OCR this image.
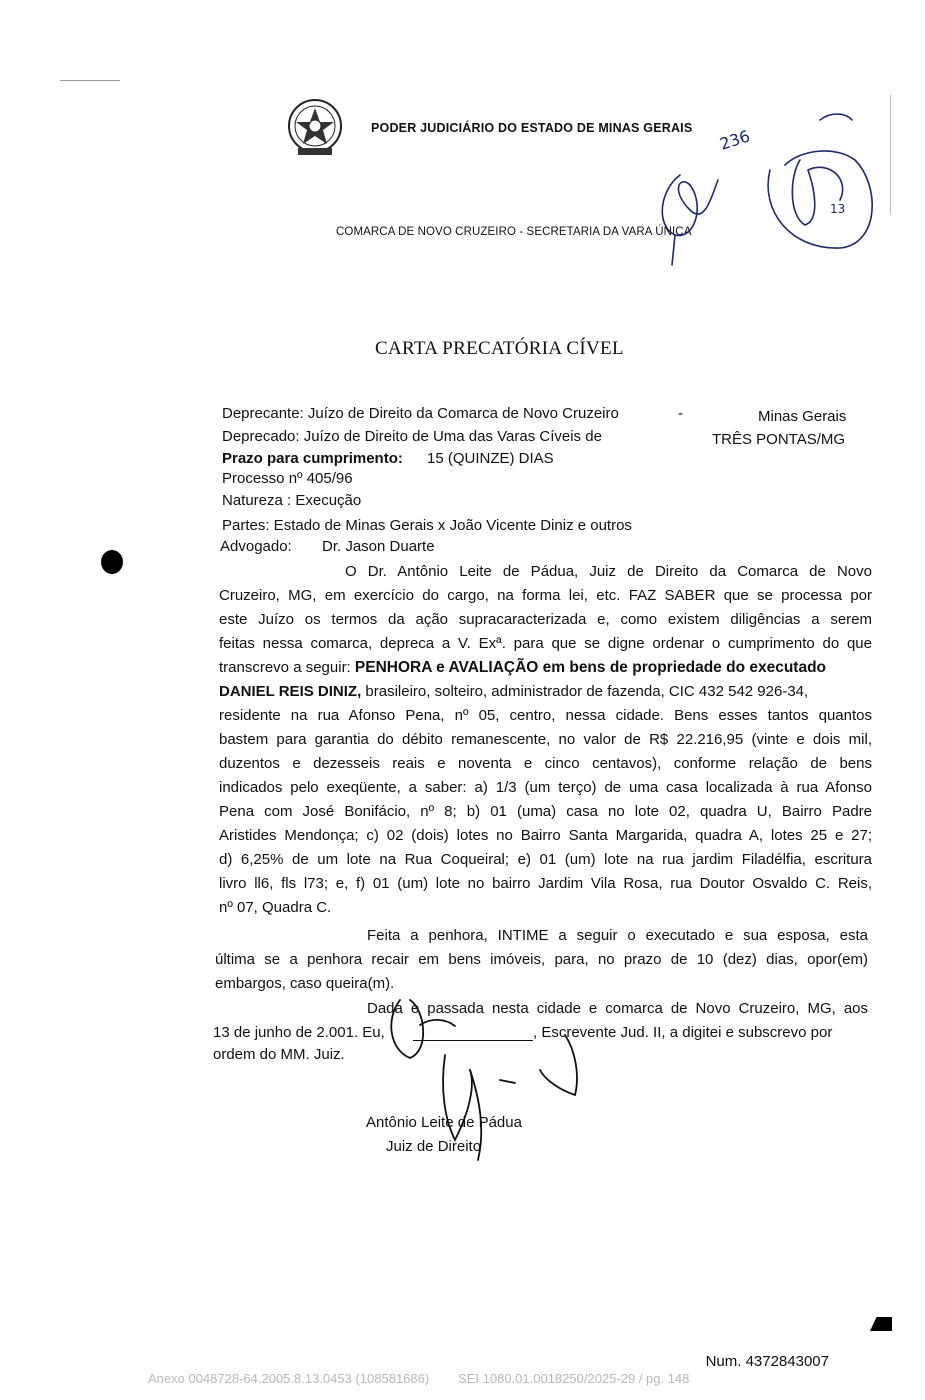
PODER JUDICIÁRIO DO ESTADO DE MINAS GERAIS
COMARCA DE NOVO CRUZEIRO - SECRETARIA DA VARA ÚNICA
236
13
CARTA PRECATÓRIA CÍVEL
Deprecante: Juízo de Direito da Comarca de Novo Cruzeiro	-	Minas Gerais
Deprecado: Juízo de Direito de Uma das Varas Cíveis de	TRÊS PONTAS/MG
Prazo para cumprimento: 15 (QUINZE) DIAS
Processo nº 405/96
Natureza : Execução
Partes: Estado de Minas Gerais x João Vicente Diniz e outros
Advogado: Dr. Jason Duarte
O Dr. Antônio Leite de Pádua, Juiz de Direito da Comarca de Novo
Cruzeiro, MG, em exercício do cargo, na forma lei, etc. FAZ SABER que se processa por
este Juízo os termos da ação supracaracterizada e, como existem diligências a serem
feitas nessa comarca, depreca a V. Exª. para que se digne ordenar o cumprimento do que
transcrevo a seguir: PENHORA e AVALIAÇÃO em bens de propriedade do executado
DANIEL REIS DINIZ, brasileiro, solteiro, administrador de fazenda, CIC 432 542 926-34,
residente na rua Afonso Pena, nº 05, centro, nessa cidade. Bens esses tantos quantos
bastem para garantia do débito remanescente, no valor de R$ 22.216,95 (vinte e dois mil,
duzentos e dezesseis reais e noventa e cinco centavos), conforme relação de bens
indicados pelo exeqüente, a saber: a) 1/3 (um terço) de uma casa localizada à rua Afonso
Pena com José Bonifácio, nº 8; b) 01 (uma) casa no lote 02, quadra U, Bairro Padre
Aristides Mendonça; c) 02 (dois) lotes no Bairro Santa Margarida, quadra A, lotes 25 e 27;
d) 6,25% de um lote na Rua Coqueiral; e) 01 (um) lote na rua jardim Filadélfia, escritura
livro ll6, fls l73; e, f) 01 (um) lote no bairro Jardim Vila Rosa, rua Doutor Osvaldo C. Reis,
nº 07, Quadra C.
Feita a penhora, INTIME a seguir o executado e sua esposa, esta
última se a penhora recair em bens imóveis, para, no prazo de 10 (dez) dias, opor(em)
embargos, caso queira(m).
Dada e passada nesta cidade e comarca de Novo Cruzeiro, MG, aos
13 de junho de 2.001. Eu,	, Escrevente Jud. II, a digitei e subscrevo por
ordem do MM. Juiz.
Antônio Leite de Pádua
Juiz de Direito
Num. 4372843007
Anexo 0048728-64.2005.8.13.0453 (108581686)        SEI 1080.01.0018250/2025-29 / pg. 148
